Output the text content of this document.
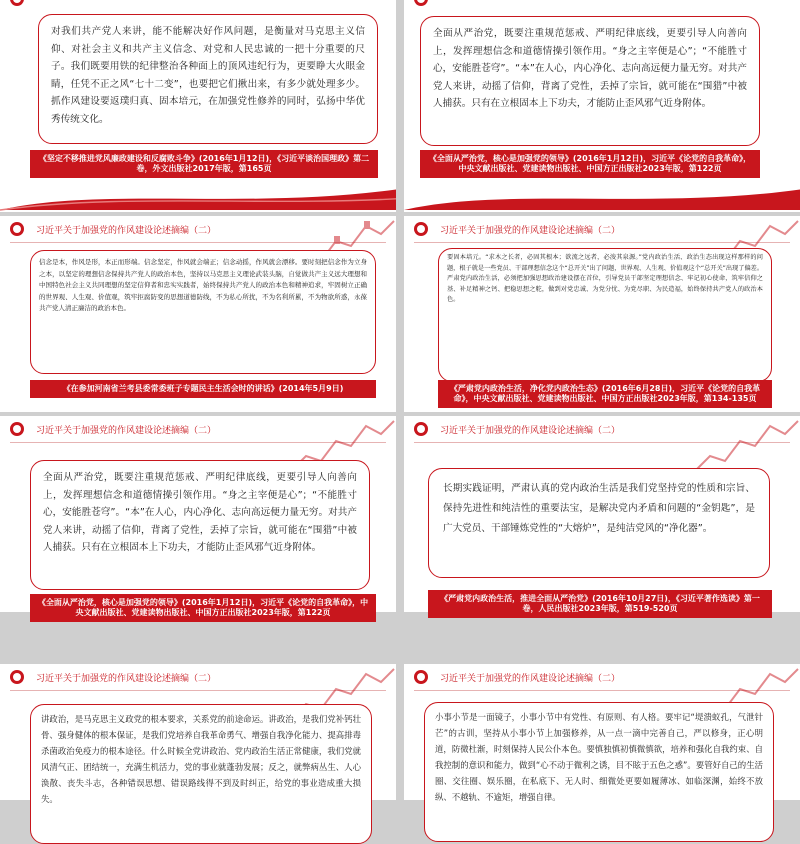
对我们共产党人来讲，能不能解决好作风问题，是衡量对马克思主义信仰、对社会主义和共产主义信念、对党和人民忠诚的一把十分重要的尺子。我们既要用铁的纪律整治各种面上的顶风违纪行为，更要睁大火眼金睛，任凭不正之风“七十二变”，也要把它们揪出来，有多少就处理多少。抓作风建设要返璞归真、固本培元，在加强党性修养的同时，弘扬中华优秀传统文化。

《坚定不移推进党风廉政建设和反腐败斗争》(2016年1月12日)，《习近平谈治国理政》第二卷，外文出版社2017年版，第165页

全面从严治党，既要注重规范惩戒、严明纪律底线，更要引导人向善向上，发挥理想信念和道德情操引领作用。“身之主宰便是心”；“不能胜寸心，安能胜苍穹”。“本”在人心，内心净化、志向高远便力量无穷。对共产党人来讲，动摇了信仰，背离了党性，丢掉了宗旨，就可能在“围猎”中被人捕获。只有在立根固本上下功夫，才能防止歪风邪气近身附体。

《全面从严治党，核心是加强党的领导》(2016年1月12日)，习近平《论党的自我革命》，中央文献出版社、党建读物出版社、中国方正出版社2023年版，第122页
习近平关于加强党的作风建设论述摘编（二）

信念是本，作风是形，本正而形端。信念坚定，作风就会端正；信念动摇，作风就会漂移。要时刻把信念作为立身之本，以坚定的理想信念保持共产党人的政治本色，坚持以马克思主义理论武装头脑，自觉做共产主义远大理想和中国特色社会主义共同理想的坚定信仰者和忠实实践者，始终保持共产党人的政治本色和精神追求，牢固树立正确的世界观、人生观、价值观，筑牢拒腐防变的思想道德防线，不为私心所扰，不为名利所累，不为物欲所惑，永葆共产党人清正廉洁的政治本色。

《在参加河南省兰考县委常委班子专题民主生活会时的讲话》(2014年5月9日)
习近平关于加强党的作风建设论述摘编（二）

要固本培元。“求木之长者，必固其根本；欲流之远者，必浚其泉源。”党内政治生活、政治生态出现这样那样的问题，根子就是一些党员、干部理想信念这个“总开关”出了问题，世界观、人生观、价值观这个“总开关”出现了偏差。严肃党内政治生活，必须把加强思想政治建设摆在首位，引导党员干部坚定理想信念、牢记初心使命，筑牢信仰之基、补足精神之钙、把稳思想之舵，做到对党忠诚、为党分忧、为党尽职、为民造福，始终保持共产党人的政治本色。

《严肃党内政治生活，净化党内政治生态》(2016年6月28日)，习近平《论党的自我革命》，中央文献出版社、党建读物出版社、中国方正出版社2023年版，第134-135页
习近平关于加强党的作风建设论述摘编（二）

全面从严治党，既要注重规范惩戒、严明纪律底线，更要引导人向善向上，发挥理想信念和道德情操引领作用。“身之主宰便是心”；“不能胜寸心，安能胜苍穹”。“本”在人心，内心净化、志向高远便力量无穷。对共产党人来讲，动摇了信仰，背离了党性，丢掉了宗旨，就可能在“围猎”中被人捕获。只有在立根固本上下功夫，才能防止歪风邪气近身附体。

《全面从严治党，核心是加强党的领导》(2016年1月12日)，习近平《论党的自我革命》，中央文献出版社、党建读物出版社、中国方正出版社2023年版，第122页
习近平关于加强党的作风建设论述摘编（二）

长期实践证明，严肃认真的党内政治生活是我们党坚持党的性质和宗旨、保持先进性和纯洁性的重要法宝，是解决党内矛盾和问题的“金钥匙”，是广大党员、干部锤炼党性的“大熔炉”，是纯洁党风的“净化器”。

《严肃党内政治生活，推进全面从严治党》(2016年10月27日)，《习近平著作选读》第一卷，人民出版社2023年版，第519-520页
习近平关于加强党的作风建设论述摘编（二）

讲政治，是马克思主义政党的根本要求，关系党的前途命运。讲政治，是我们党补钙壮骨、强身健体的根本保证，是我们党培养自我革命勇气、增强自我净化能力、提高排毒杀菌政治免疫力的根本途径。什么时候全党讲政治、党内政治生活正常健康，我们党就风清气正、团结统一，充满生机活力，党的事业就蓬勃发展；反之，就弊病丛生、人心涣散、丧失斗志，各种错误思想、错误路线得不到及时纠正，给党的事业造成重大损失。

习近平关于加强党的作风建设论述摘编（二）

小事小节是一面镜子，小事小节中有党性、有原则、有人格。要牢记“堤溃蚁孔，气泄针芒”的古训，坚持从小事小节上加强修养，从一点一滴中完善自己，严以修身，正心明道，防微杜渐，时刻保持人民公仆本色。要慎独慎初慎微慎欲，培养和强化自我约束、自我控制的意识和能力，做到“心不动于微利之诱，目不眩于五色之惑”。要管好自己的生活圈、交往圈、娱乐圈，在私底下、无人时、细微处更要如履薄冰、如临深渊，始终不放纵、不越轨、不逾矩，增强自律。
